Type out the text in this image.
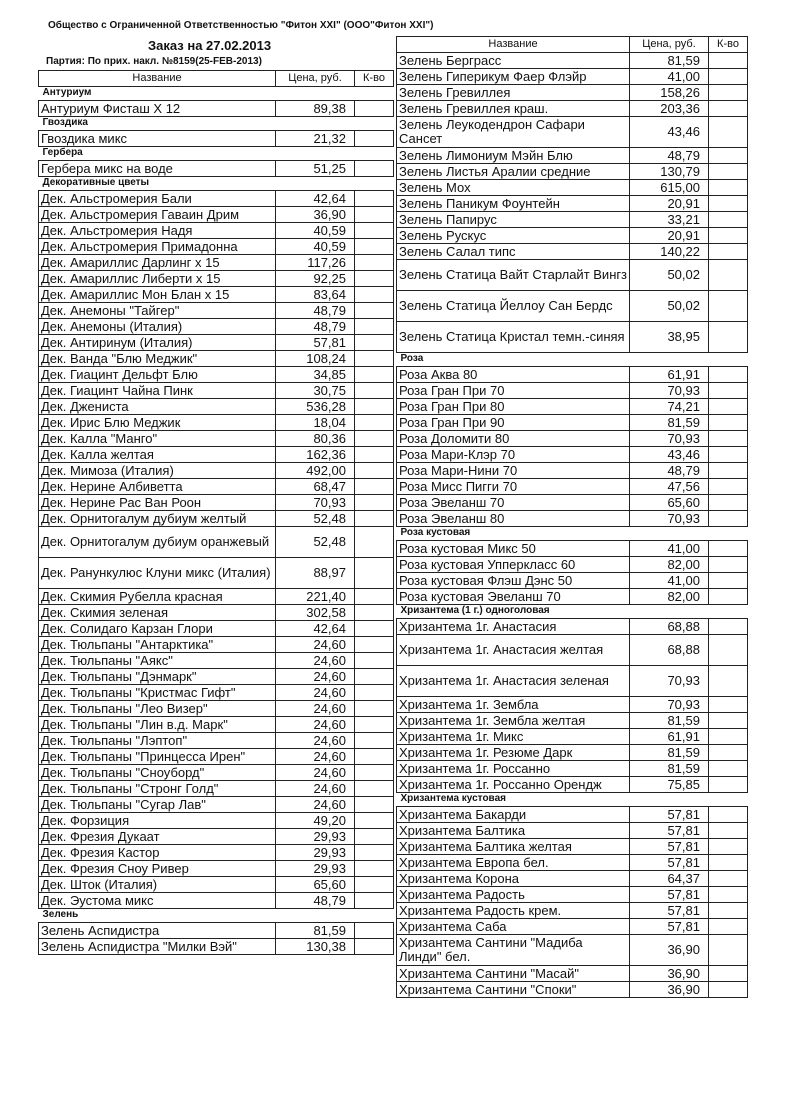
Общество с Ограниченной Ответственностью "Фитон XXI" (ООО"Фитон XXI")
Заказ на 27.02.2013
Партия: По прих. накл. №8159(25-FEB-2013)
Название	Цена, руб.	К-во
Антуриум		
Антуриум Фисташ Х 12	89,38	
Гвоздика		
Гвоздика микс	21,32	
Гербера		
Гербера микс на воде	51,25	
Декоративные цветы		
Дек. Альстромерия Бали	42,64	
Дек. Альстромерия Гаваин Дрим	36,90	
Дек. Альстромерия Надя	40,59	
Дек. Альстромерия Примадонна	40,59	
Дек. Амариллис Дарлинг х 15	117,26	
Дек. Амариллис Либерти х 15	92,25	
Дек. Амариллис Мон Блан х 15	83,64	
Дек. Анемоны "Тайгер"	48,79	
Дек. Анемоны (Италия)	48,79	
Дек. Антиринум (Италия)	57,81	
Дек. Ванда "Блю Меджик"	108,24	
Дек. Гиацинт Дельфт Блю	34,85	
Дек. Гиацинт Чайна Пинк	30,75	
Дек. Джениста	536,28	
Дек. Ирис Блю Меджик	18,04	
Дек. Калла "Манго"	80,36	
Дек. Калла желтая	162,36	
Дек. Мимоза (Италия)	492,00	
Дек. Нерине Албиветта	68,47	
Дек. Нерине Рас Ван Роон	70,93	
Дек. Орнитогалум дубиум желтый	52,48	
Дек. Орнитогалум дубиум оранжевый	52,48	
Дек. Ранункулюс Клуни микс (Италия)	88,97	
Дек. Скимия Рубелла красная	221,40	
Дек. Скимия зеленая	302,58	
Дек. Солидаго Карзан Глори	42,64	
Дек. Тюльпаны "Антарктика"	24,60	
Дек. Тюльпаны "Аякс"	24,60	
Дек. Тюльпаны "Дэнмарк"	24,60	
Дек. Тюльпаны "Кристмас Гифт"	24,60	
Дек. Тюльпаны "Лео Визер"	24,60	
Дек. Тюльпаны "Лин в.д. Марк"	24,60	
Дек. Тюльпаны "Лэптоп"	24,60	
Дек. Тюльпаны "Принцесса Ирен"	24,60	
Дек. Тюльпаны "Сноуборд"	24,60	
Дек. Тюльпаны "Стронг Голд"	24,60	
Дек. Тюльпаны "Сугар Лав"	24,60	
Дек. Форзиция	49,20	
Дек. Фрезия Дукаат	29,93	
Дек. Фрезия Кастор	29,93	
Дек. Фрезия Сноу Ривер	29,93	
Дек. Шток (Италия)	65,60	
Дек. Эустома микс	48,79	
Зелень		
Зелень Аспидистра	81,59	
Зелень Аспидистра "Милки Вэй"	130,38	
Название	Цена, руб.	К-во
Зелень Берграсс	81,59	
Зелень Гиперикум Фаер Флэйр	41,00	
Зелень Гревиллея	158,26	
Зелень Гревиллея краш.	203,36	
Зелень Леукодендрон Сафари Сансет	43,46	
Зелень Лимониум Мэйн Блю	48,79	
Зелень Листья Аралии средние	130,79	
Зелень Мох	615,00	
Зелень Паникум Фоунтейн	20,91	
Зелень Папирус	33,21	
Зелень Рускус	20,91	
Зелень Салал типс	140,22	
Зелень Статица Вайт Старлайт Вингз	50,02	
Зелень Статица Йеллоу Сан Бердс	50,02	
Зелень Статица Кристал темн.-синяя	38,95	
Роза		
Роза Аква 80	61,91	
Роза Гран При 70	70,93	
Роза Гран При 80	74,21	
Роза Гран При 90	81,59	
Роза Доломити 80	70,93	
Роза Мари-Клэр 70	43,46	
Роза Мари-Нини 70	48,79	
Роза Мисс Пигги 70	47,56	
Роза Эвеланш 70	65,60	
Роза Эвеланш 80	70,93	
Роза кустовая		
Роза кустовая Микс 50	41,00	
Роза кустовая Упперкласс 60	82,00	
Роза кустовая Флэш Дэнс 50	41,00	
Роза кустовая Эвеланш 70	82,00	
Хризантема (1 г.) одноголовая		
Хризантема 1г. Анастасия	68,88	
Хризантема 1г. Анастасия желтая	68,88	
Хризантема 1г. Анастасия зеленая	70,93	
Хризантема 1г. Зембла	70,93	
Хризантема 1г. Зембла желтая	81,59	
Хризантема 1г. Микс	61,91	
Хризантема 1г. Резюме Дарк	81,59	
Хризантема 1г. Россанно	81,59	
Хризантема 1г. Россанно Орендж	75,85	
Хризантема кустовая		
Хризантема Бакарди	57,81	
Хризантема Балтика	57,81	
Хризантема Балтика желтая	57,81	
Хризантема Европа бел.	57,81	
Хризантема Корона	64,37	
Хризантема Радость	57,81	
Хризантема Радость крем.	57,81	
Хризантема Саба	57,81	
Хризантема Сантини "Мадиба Линди" бел.	36,90	
Хризантема Сантини "Масай"	36,90	
Хризантема Сантини "Споки"	36,90	
